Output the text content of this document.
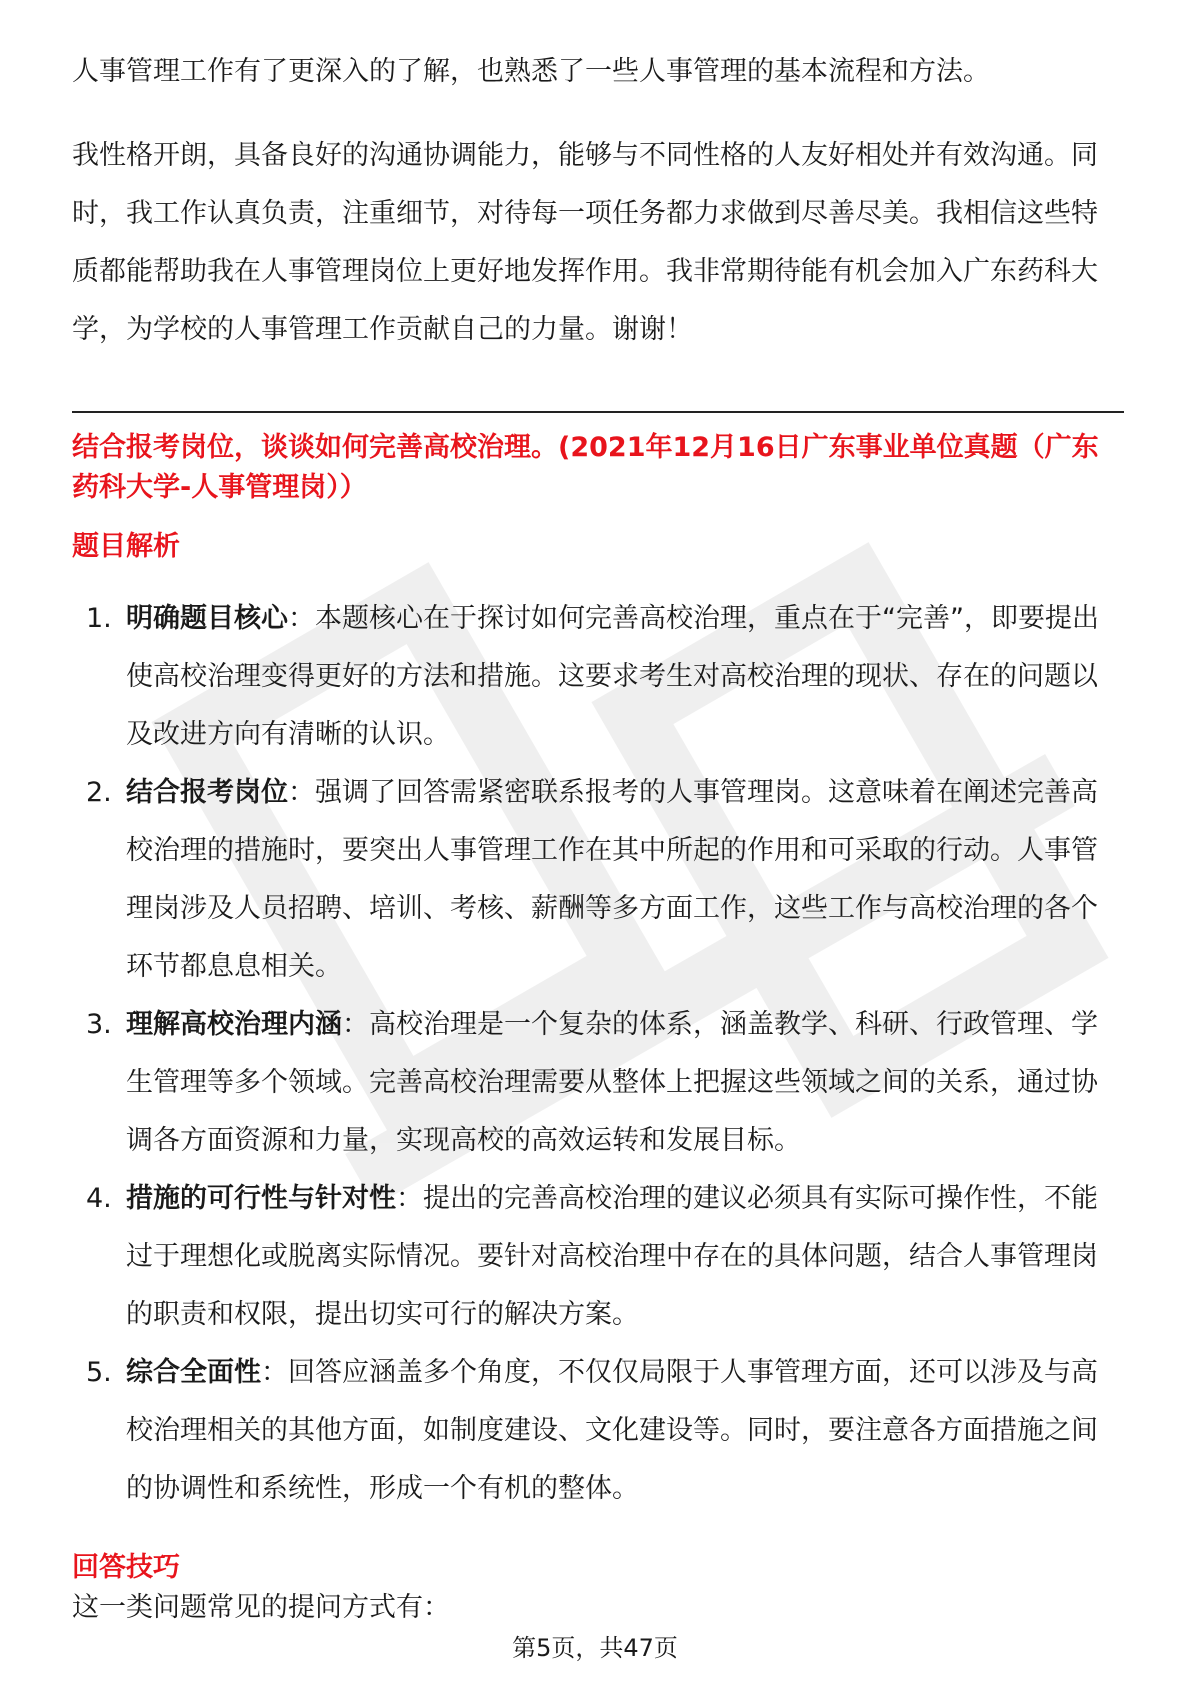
人事管理工作有了更深入的了解，也熟悉了一些人事管理的基本流程和方法。

我性格开朗，具备良好的沟通协调能力，能够与不同性格的人友好相处并有效沟通。同时，我工作认真负责，注重细节，对待每一项任务都力求做到尽善尽美。我相信这些特质都能帮助我在人事管理岗位上更好地发挥作用。我非常期待能有机会加入广东药科大学，为学校的人事管理工作贡献自己的力量。谢谢！

结合报考岗位，谈谈如何完善高校治理。(2021年12月16日广东事业单位真题（广东药科大学-人事管理岗））

题目解析
1. 明确题目核心：本题核心在于探讨如何完善高校治理，重点在于“完善”，即要提出使高校治理变得更好的方法和措施。这要求考生对高校治理的现状、存在的问题以及改进方向有清晰的认识。
2. 结合报考岗位：强调了回答需紧密联系报考的人事管理岗。这意味着在阐述完善高校治理的措施时，要突出人事管理工作在其中所起的作用和可采取的行动。人事管理岗涉及人员招聘、培训、考核、薪酬等多方面工作，这些工作与高校治理的各个环节都息息相关。
3. 理解高校治理内涵：高校治理是一个复杂的体系，涵盖教学、科研、行政管理、学生管理等多个领域。完善高校治理需要从整体上把握这些领域之间的关系，通过协调各方面资源和力量，实现高校的高效运转和发展目标。
4. 措施的可行性与针对性：提出的完善高校治理的建议必须具有实际可操作性，不能过于理想化或脱离实际情况。要针对高校治理中存在的具体问题，结合人事管理岗的职责和权限，提出切实可行的解决方案。
5. 综合全面性：回答应涵盖多个角度，不仅仅局限于人事管理方面，还可以涉及与高校治理相关的其他方面，如制度建设、文化建设等。同时，要注意各方面措施之间的协调性和系统性，形成一个有机的整体。
回答技巧
这一类问题常见的提问方式有：
第5页，共47页
